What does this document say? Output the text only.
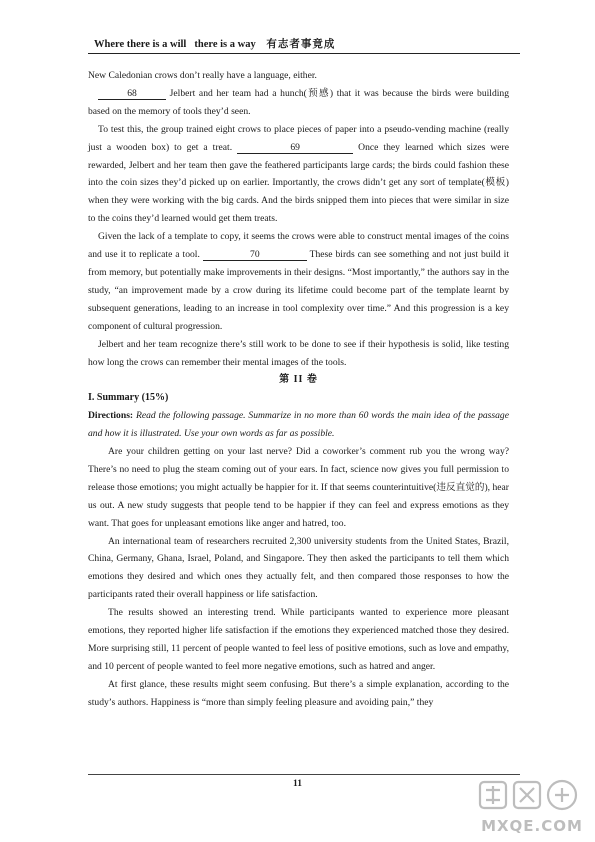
Where there is a will there is a way 有志者事竟成

New Caledonian crows don’t really have a language, either.

68	Jelbert and her team had a hunch(预感) that it was because the birds were building based on the memory of tools they’d seen.

To test this, the group trained eight crows to place pieces of paper into a pseudo-vending machine (really just a wooden box) to get a treat.	69	Once they learned which sizes were rewarded, Jelbert and her team then gave the feathered participants large cards; the birds could fashion these into the coin sizes they’d picked up on earlier. Importantly, the crows didn’t get any sort of template(模板) when they were working with the big cards. And the birds snipped them into pieces that were similar in size to the coins they’d learned would get them treats.

Given the lack of a template to copy, it seems the crows were able to construct mental images of the coins and use it to replicate a tool.	70	These birds can see something and not just build it from memory, but potentially make improvements in their designs. “Most importantly,” the authors say in the study, “an improvement made by a crow during its lifetime could become part of the template learnt by subsequent generations, leading to an increase in tool complexity over time.” And this progression is a key component of cultural progression.

Jelbert and her team recognize there’s still work to be done to see if their hypothesis is solid, like testing how long the crows can remember their mental images of the tools.

第 II 卷

I. Summary (15%)

Directions: Read the following passage. Summarize in no more than 60 words the main idea of the passage and how it is illustrated. Use your own words as far as possible.

Are your children getting on your last nerve? Did a coworker’s comment rub you the wrong way? There’s no need to plug the steam coming out of your ears. In fact, science now gives you full permission to release those emotions; you might actually be happier for it. If that seems counterintuitive(违反直觉的), hear us out. A new study suggests that people tend to be happier if they can feel and express emotions as they want. That goes for unpleasant emotions like anger and hatred, too.

An international team of researchers recruited 2,300 university students from the United States, Brazil, China, Germany, Ghana, Israel, Poland, and Singapore. They then asked the participants to tell them which emotions they desired and which ones they actually felt, and then compared those responses to how the participants rated their overall happiness or life satisfaction.

The results showed an interesting trend. While participants wanted to experience more pleasant emotions, they reported higher life satisfaction if the emotions they experienced matched those they desired. More surprising still, 11 percent of people wanted to feel less of positive emotions, such as love and empathy, and 10 percent of people wanted to feel more negative emotions, such as hatred and anger.

At first glance, these results might seem confusing. But there’s a simple explanation, according to the study’s authors. Happiness is “more than simply feeling pleasure and avoiding pain,” they

11
MXQE.COM
